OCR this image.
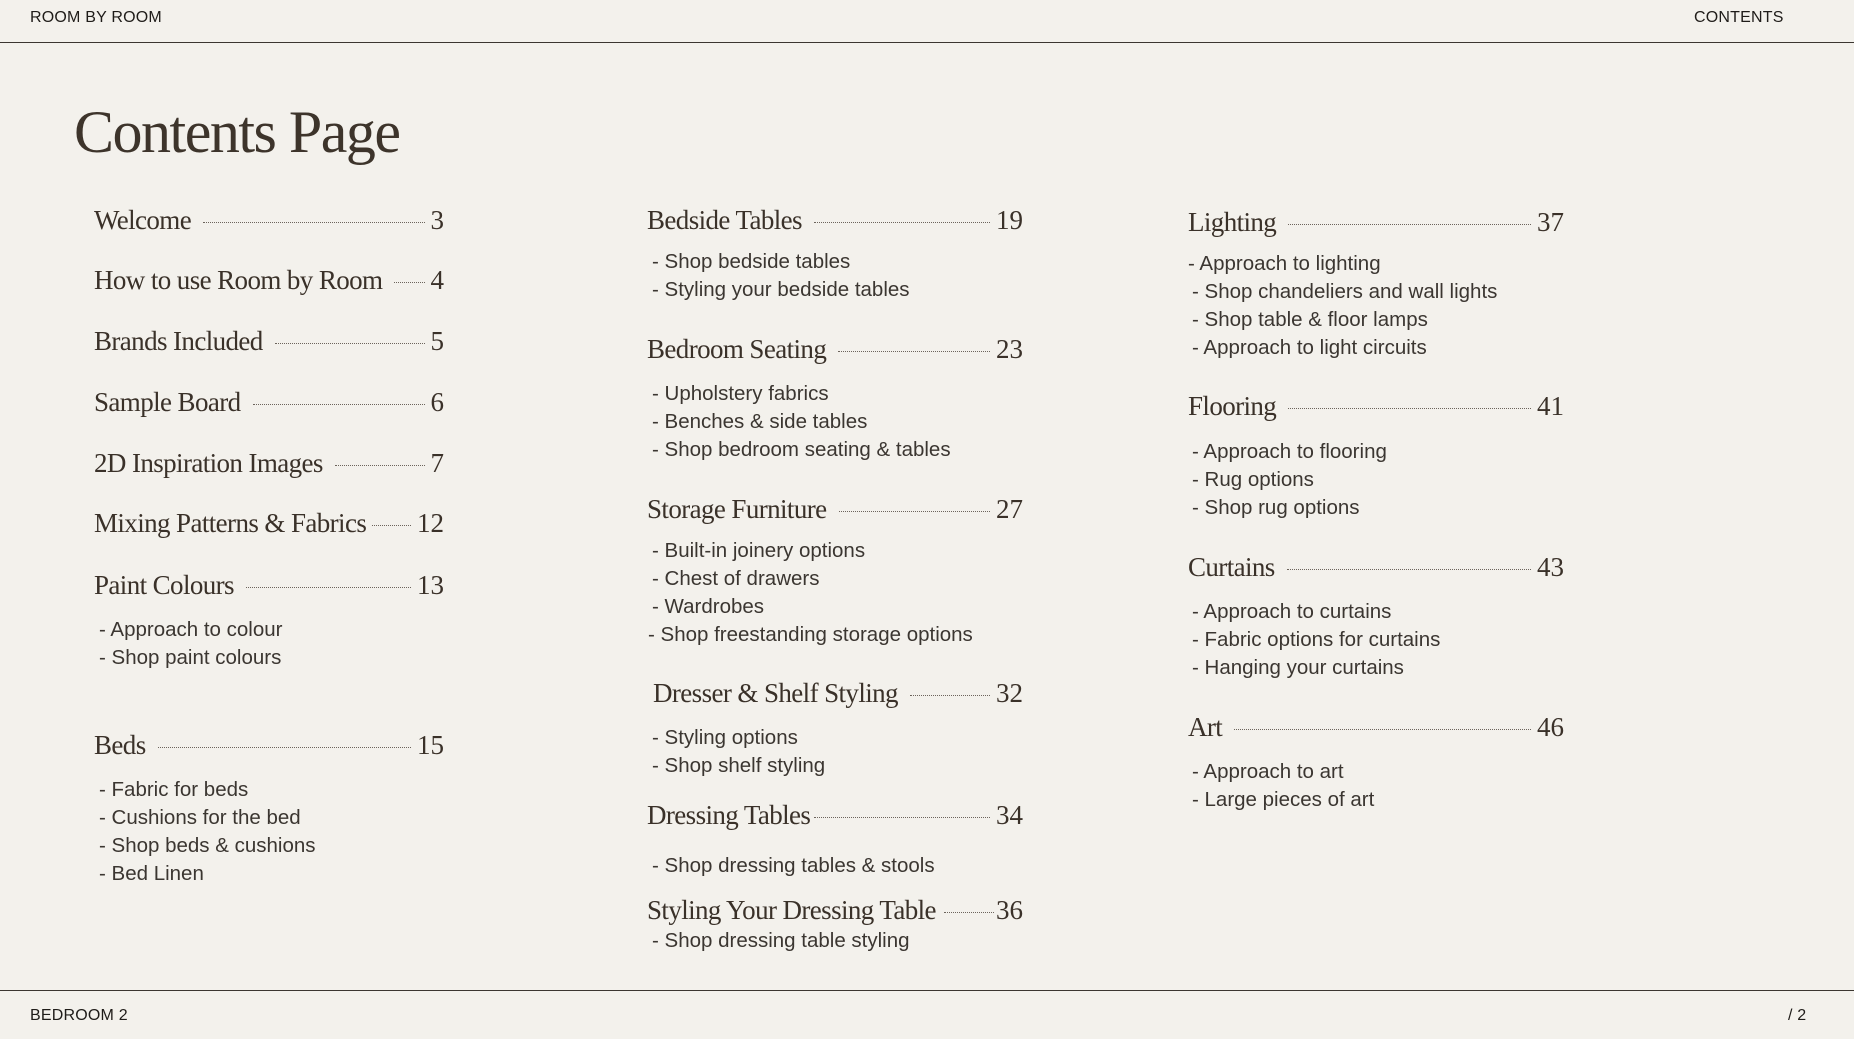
ROOM BY ROOM	CONTENTS
BEDROOM 2	/ 2
Contents Page
Welcome	3
How to use Room by Room 4
Brands Included	5
Sample Board	6
2D Inspiration Images	7
Mixing Patterns & Fabrics 12
Paint Colours	13
- Approach to colour
- Shop paint colours
Beds	15
- Fabric for beds
- Cushions for the bed
- Shop beds & cushions
- Bed Linen
Bedside Tables	19
- Shop bedside tables
- Styling your bedside tables
Bedroom Seating	23
- Upholstery fabrics
- Benches & side tables
- Shop bedroom seating & tables
Storage Furniture	27
- Built-in joinery options
- Chest of drawers
- Wardrobes
- Shop freestanding storage options
Dresser & Shelf Styling	32
- Styling options
- Shop shelf styling
Dressing Tables	34
- Shop dressing tables & stools
Styling Your Dressing Table 36
- Shop dressing table styling
Lighting	37
- Approach to lighting
- Shop chandeliers and wall lights
- Shop table & floor lamps
- Approach to light circuits
Flooring	41
- Approach to flooring
- Rug options
- Shop rug options
Curtains	43
- Approach to curtains
- Fabric options for curtains
- Hanging your curtains
Art	46
- Approach to art
- Large pieces of art
